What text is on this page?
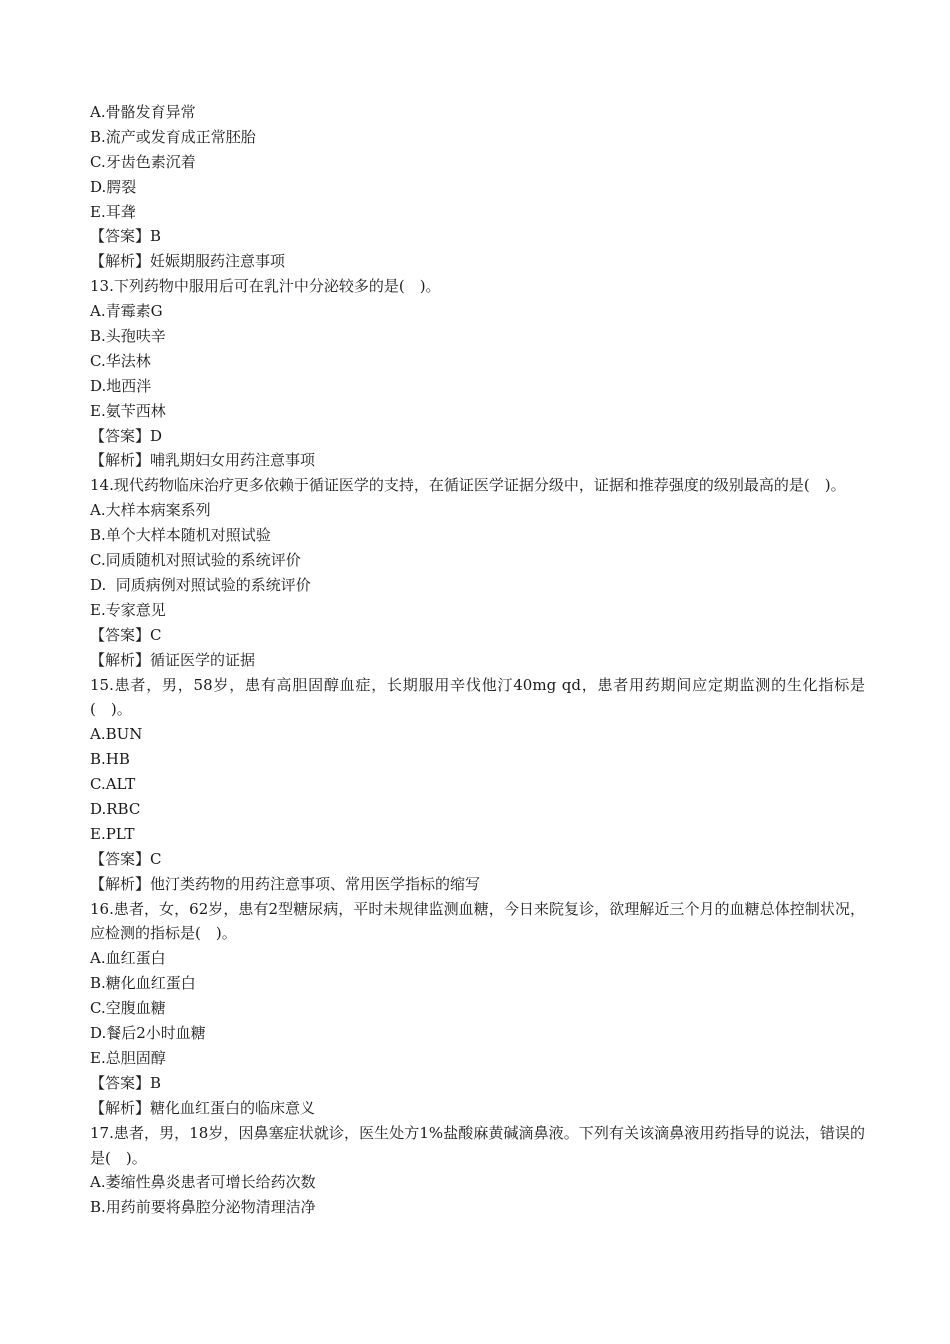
A.骨骼发育异常
B.流产或发育成正常胚胎
C.牙齿色素沉着
D.腭裂
E.耳聋
【答案】B
【解析】妊娠期服药注意事项
13.下列药物中服用后可在乳汁中分泌较多的是(　)。
A.青霉素G
B.头孢呋辛
C.华法林
D.地西泮
E.氨苄西林
【答案】D
【解析】哺乳期妇女用药注意事项
14.现代药物临床治疗更多依赖于循证医学的支持，在循证医学证据分级中，证据和推荐强度的级别最高的是(　)。
A.大样本病案系列
B.单个大样本随机对照试验
C.同质随机对照试验的系统评价
D.  同质病例对照试验的系统评价
E.专家意见
【答案】C
【解析】循证医学的证据
15.患者，男，58岁，患有高胆固醇血症，长期服用辛伐他汀40mg qd，患者用药期间应定期监测的生化指标是(　)。
A.BUN
B.HB
C.ALT
D.RBC
E.PLT
【答案】C
【解析】他汀类药物的用药注意事项、常用医学指标的缩写
16.患者，女，62岁，患有2型糖尿病，平时未规律监测血糖，今日来院复诊，欲理解近三个月的血糖总体控制状况，应检测的指标是(　)。
A.血红蛋白
B.糖化血红蛋白
C.空腹血糖
D.餐后2小时血糖
E.总胆固醇
【答案】B
【解析】糖化血红蛋白的临床意义
17.患者，男，18岁，因鼻塞症状就诊，医生处方1%盐酸麻黄碱滴鼻液。下列有关该滴鼻液用药指导的说法，错误的是(　)。
A.萎缩性鼻炎患者可增长给药次数
B.用药前要将鼻腔分泌物清理洁净
